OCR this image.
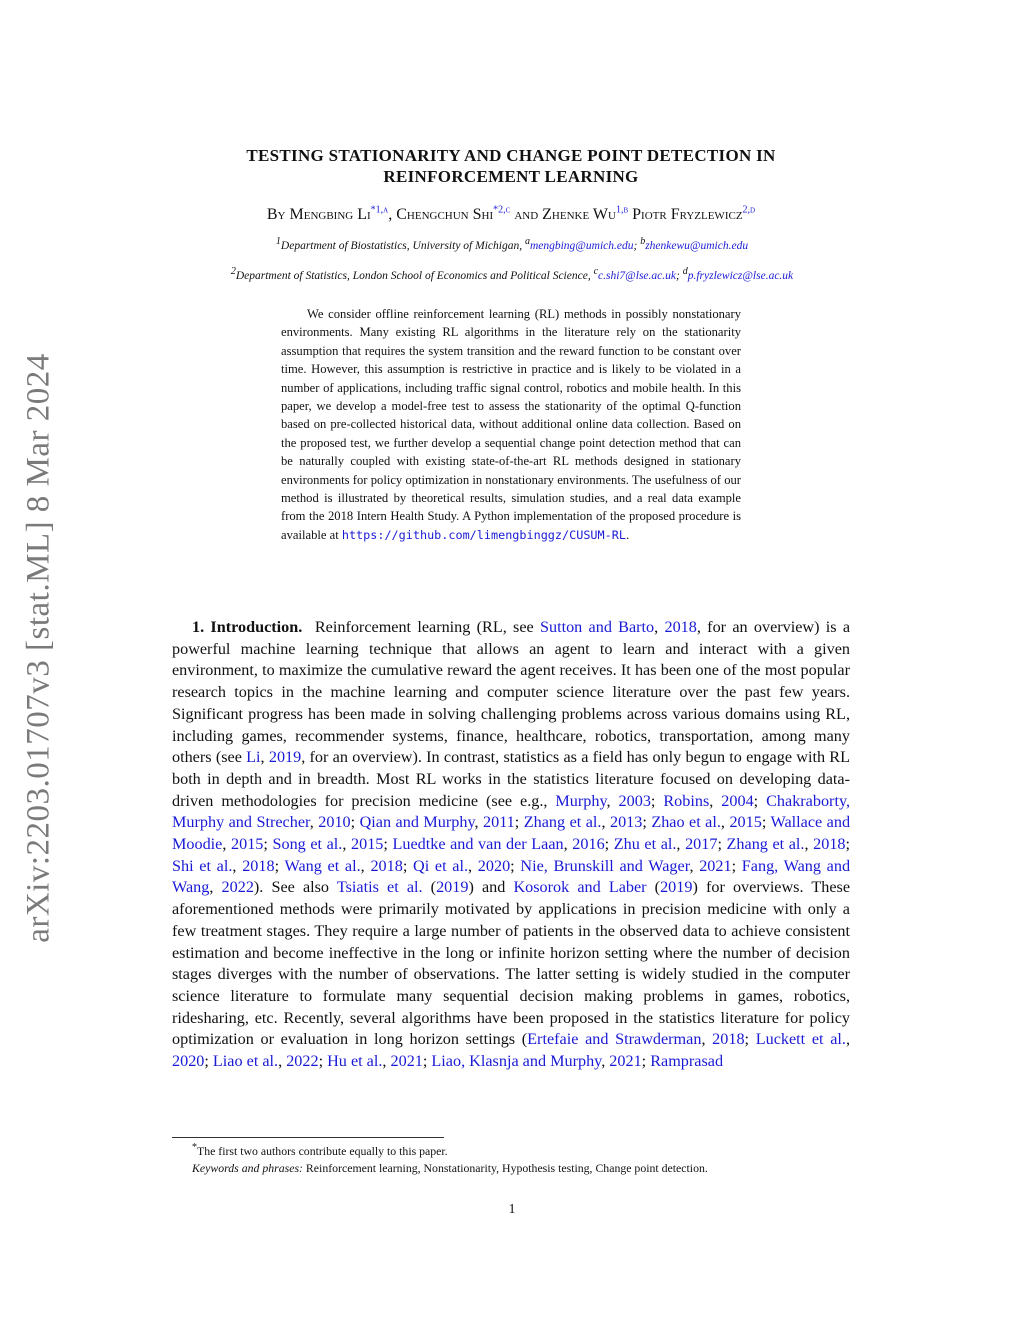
arXiv:2203.01707v3 [stat.ML] 8 Mar 2024
TESTING STATIONARITY AND CHANGE POINT DETECTION IN
REINFORCEMENT LEARNING
By Mengbing Li$^{*1,a}$, Chengchun Shi$^{*2,c}$ and Zhenke Wu$^{1,b}$ Piotr Fryzlewicz$^{2,d}$
$^1$Department of Biostatistics, University of Michigan, $^a$mengbing@umich.edu; $^b$zhenkewu@umich.edu
$^2$Department of Statistics, London School of Economics and Political Science, $^c$c.shi7@lse.ac.uk; $^d$p.fryzlewicz@lse.ac.uk

We consider offline reinforcement learning (RL) methods in possibly nonstationary environments. Many existing RL algorithms in the literature rely on the stationarity assumption that requires the system transition and the reward function to be constant over time. However, this assumption is restrictive in practice and is likely to be violated in a number of applications, including traffic signal control, robotics and mobile health. In this paper, we develop a model-free test to assess the stationarity of the optimal Q-function based on pre-collected historical data, without additional online data collection. Based on the proposed test, we further develop a sequential change point detection method that can be naturally coupled with existing state-of-the-art RL methods designed in stationary environments for policy optimization in nonstationary environments. The usefulness of our method is illustrated by theoretical results, simulation studies, and a real data example from the 2018 Intern Health Study. A Python implementation of the proposed procedure is available at https://github.com/limengbinggz/CUSUM-RL.

1. Introduction. Reinforcement learning (RL, see Sutton and Barto, 2018, for an overview) is a powerful machine learning technique that allows an agent to learn and interact with a given environment, to maximize the cumulative reward the agent receives. It has been one of the most popular research topics in the machine learning and computer science literature over the past few years. Significant progress has been made in solving challenging problems across various domains using RL, including games, recommender systems, finance, healthcare, robotics, transportation, among many others (see Li, 2019, for an overview). In contrast, statistics as a field has only begun to engage with RL both in depth and in breadth. Most RL works in the statistics literature focused on developing data-driven methodologies for precision medicine (see e.g., Murphy, 2003; Robins, 2004; Chakraborty, Murphy and Strecher, 2010; Qian and Murphy, 2011; Zhang et al., 2013; Zhao et al., 2015; Wallace and Moodie, 2015; Song et al., 2015; Luedtke and van der Laan, 2016; Zhu et al., 2017; Zhang et al., 2018; Shi et al., 2018; Wang et al., 2018; Qi et al., 2020; Nie, Brunskill and Wager, 2021; Fang, Wang and Wang, 2022). See also Tsiatis et al. (2019) and Kosorok and Laber (2019) for overviews. These aforementioned methods were primarily motivated by applications in precision medicine with only a few treatment stages. They require a large number of patients in the observed data to achieve consistent estimation and become ineffective in the long or infinite horizon setting where the number of decision stages diverges with the number of observations. The latter setting is widely studied in the computer science literature to formulate many sequential decision making problems in games, robotics, ridesharing, etc. Recently, several algorithms have been proposed in the statistics literature for policy optimization or evaluation in long horizon settings (Ertefaie and Strawderman, 2018; Luckett et al., 2020; Liao et al., 2022; Hu et al., 2021; Liao, Klasnja and Murphy, 2021; Ramprasad

*The first two authors contribute equally to this paper.
Keywords and phrases: Reinforcement learning, Nonstationarity, Hypothesis testing, Change point detection.
1
